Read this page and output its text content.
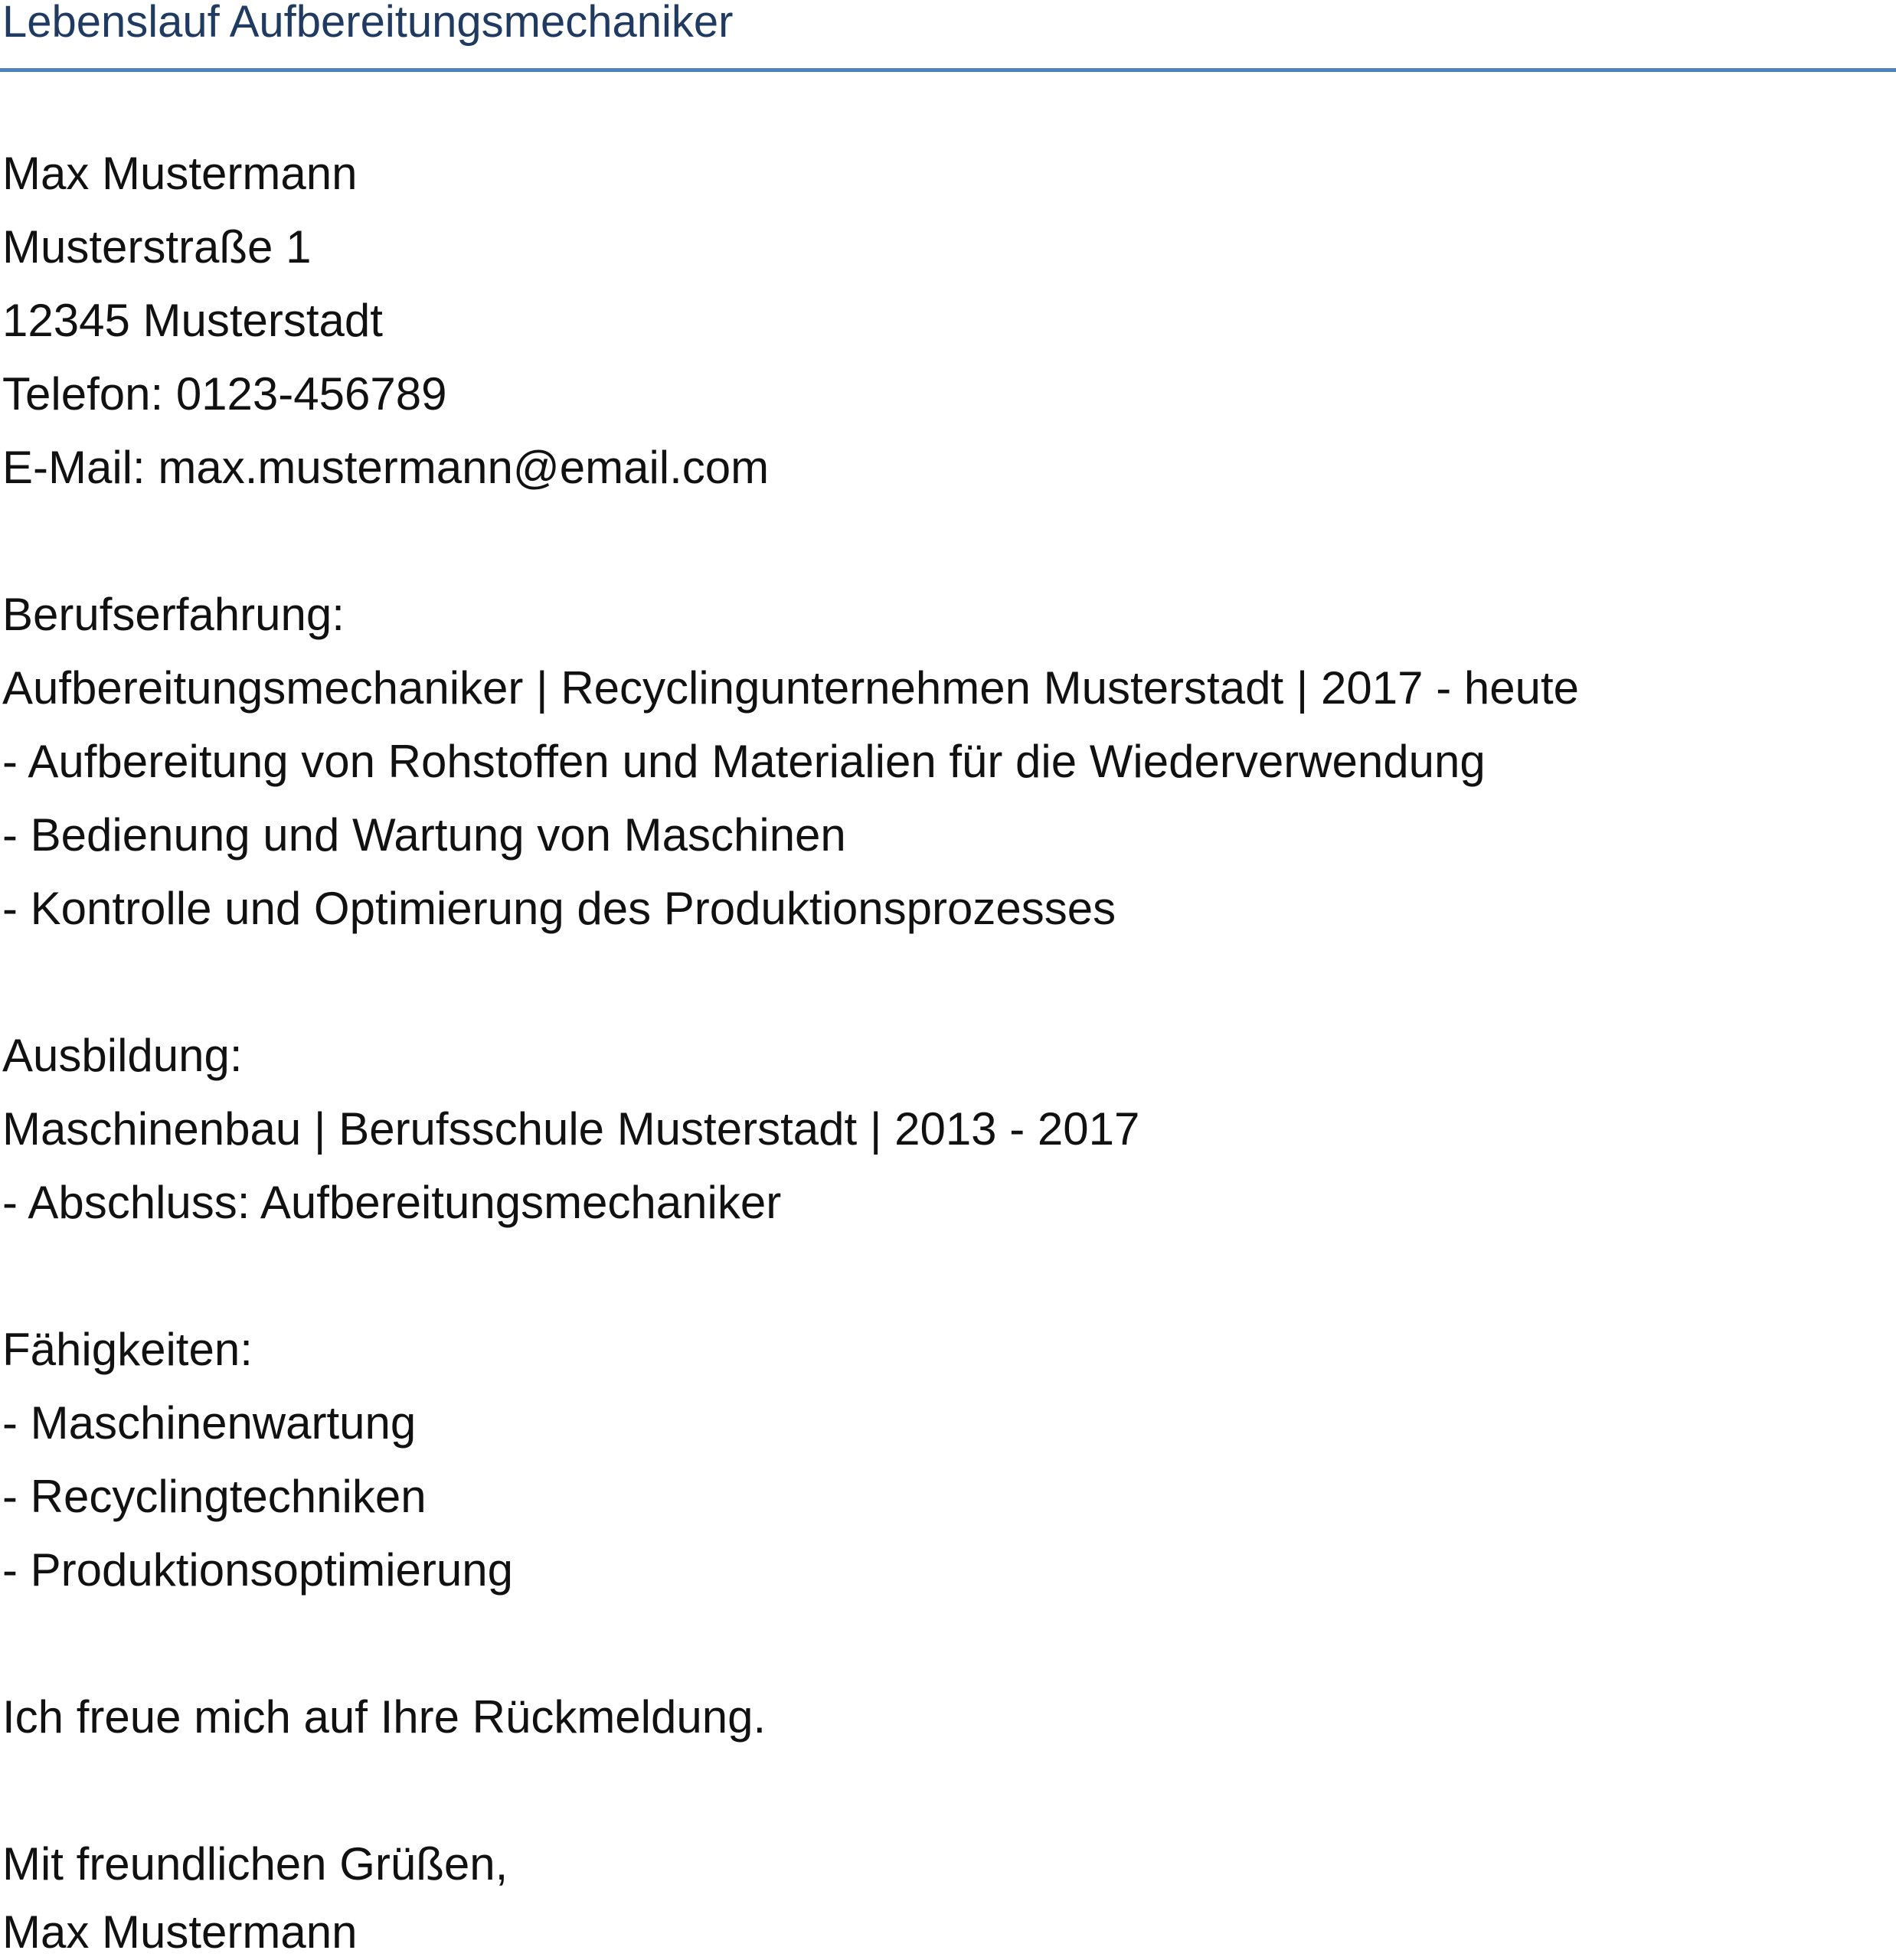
Lebenslauf Aufbereitungsmechaniker
Max Mustermann
Musterstraße 1
12345 Musterstadt
Telefon: 0123-456789
E-Mail: max.mustermann@email.com
Berufserfahrung:
Aufbereitungsmechaniker | Recyclingunternehmen Musterstadt | 2017 - heute
- Aufbereitung von Rohstoffen und Materialien für die Wiederverwendung
- Bedienung und Wartung von Maschinen
- Kontrolle und Optimierung des Produktionsprozesses
Ausbildung:
Maschinenbau | Berufsschule Musterstadt | 2013 - 2017
- Abschluss: Aufbereitungsmechaniker
Fähigkeiten:
- Maschinenwartung
- Recyclingtechniken
- Produktionsoptimierung
Ich freue mich auf Ihre Rückmeldung.
Mit freundlichen Grüßen,
Max Mustermann
